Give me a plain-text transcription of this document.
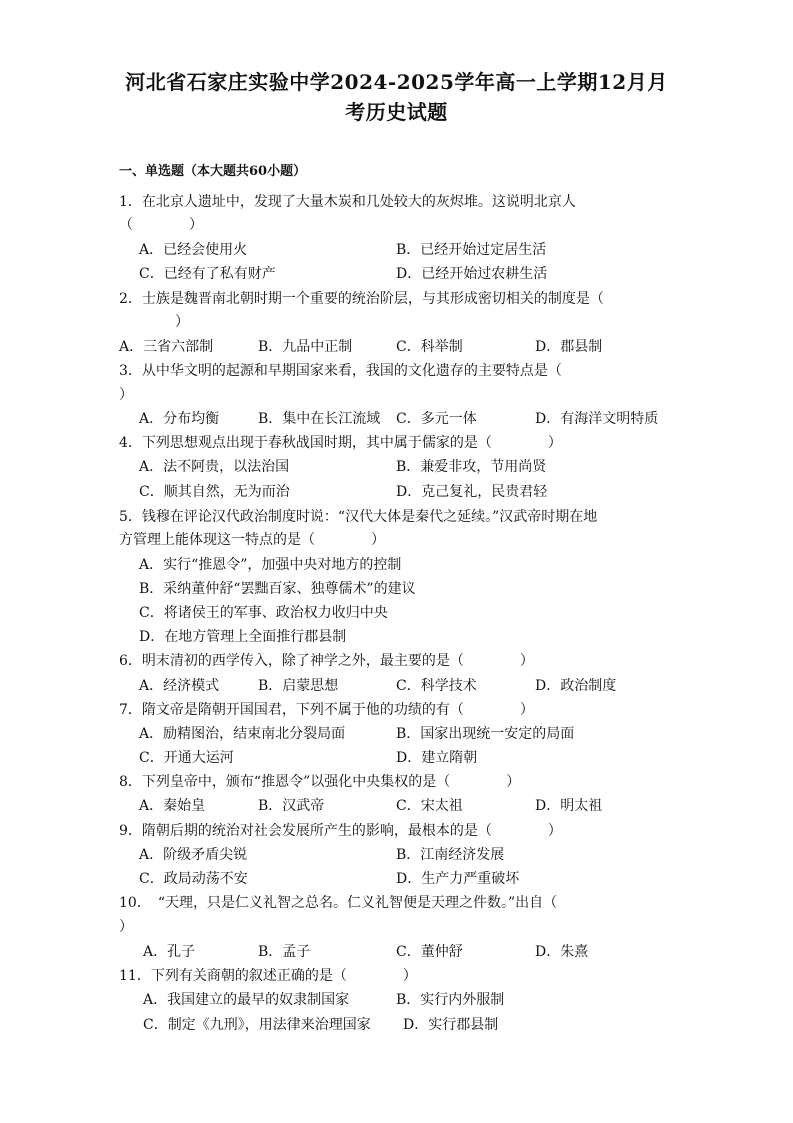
河北省石家庄实验中学2024-2025学年高一上学期12月月
考历史试题
一、单选题（本大题共60小题）
1．在北京人遗址中，发现了大量木炭和几处较大的灰烬堆。这说明北京人
（　　　　）
A．已经会使用火	B．已经开始过定居生活
C．已经有了私有财产	D．已经开始过农耕生活
2．士族是魏晋南北朝时期一个重要的统治阶层，与其形成密切相关的制度是（
　　　　）
A．三省六部制	B．九品中正制	C．科举制	D．郡县制
3．从中华文明的起源和早期国家来看，我国的文化遗存的主要特点是（
）
A．分布均衡	B．集中在长江流域 C．多元一体	D．有海洋文明特质
4．下列思想观点出现于春秋战国时期，其中属于儒家的是（　　　　）
A．法不阿贵，以法治国	B．兼爱非攻，节用尚贤
C．顺其自然，无为而治	D．克己复礼，民贵君轻
5．钱穆在评论汉代政治制度时说：“汉代大体是秦代之延续。”汉武帝时期在地
方管理上能体现这一特点的是（　　　　）
A．实行“推恩令”，加强中央对地方的控制
B．采纳董仲舒“罢黜百家、独尊儒术”的建议
C．将诸侯王的军事、政治权力收归中央
D．在地方管理上全面推行郡县制
6．明末清初的西学传入，除了神学之外，最主要的是（　　　　）
A．经济模式	B．启蒙思想	C．科学技术	D．政治制度
7．隋文帝是隋朝开国国君，下列不属于他的功绩的有（　　　　）
A．励精图治，结束南北分裂局面	B．国家出现统一安定的局面
C．开通大运河	D．建立隋朝
8．下列皇帝中，颁布“推恩令”以强化中央集权的是（　　　　）
A．秦始皇	B．汉武帝	C．宋太祖	D．明太祖
9．隋朝后期的统治对社会发展所产生的影响，最根本的是（　　　　）
A．阶级矛盾尖锐	B．江南经济发展
C．政局动荡不安	D．生产力严重破坏
10．　“天理，只是仁义礼智之总名。仁义礼智便是天理之件数。”出自（
）
A．孔子	B．孟子	C．董仲舒	D．朱熹
11．下列有关商朝的叙述正确的是（　　　　）
A．我国建立的最早的奴隶制国家	B．实行内外服制
C．制定《九刑》，用法律来治理国家 D．实行郡县制
